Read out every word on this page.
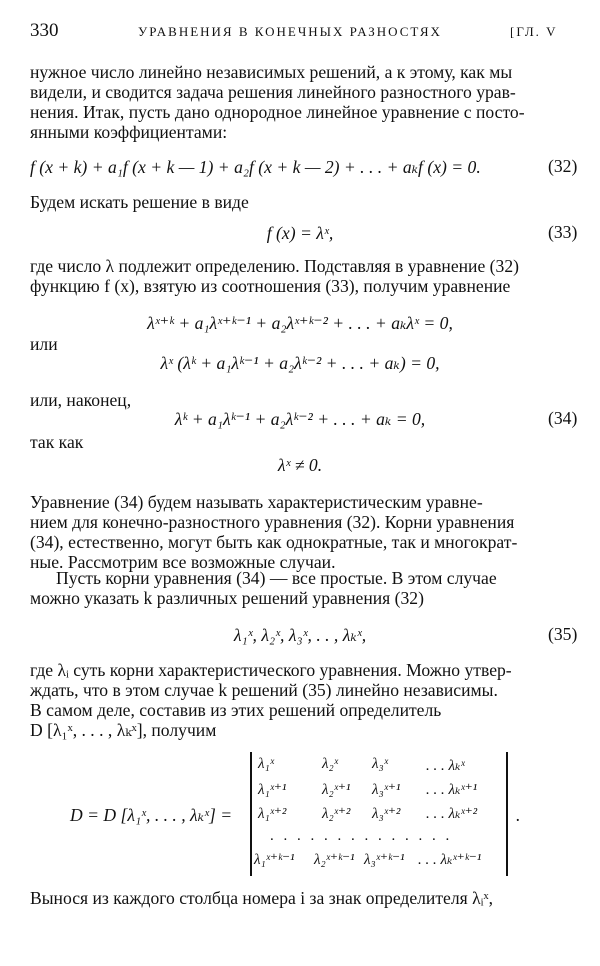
330	УРАВНЕНИЯ В КОНЕЧНЫХ РАЗНОСТЯХ	[ГЛ. V
нужное число линейно независимых решений, а к этому, как мы
видели, и сводится задача решения линейного разностного урав-
нения. Итак, пусть дано однородное линейное уравнение с посто-
янными коэффициентами:
f (x + k) + a₁f (x + k — 1) + a₂f (x + k — 2) + . . . + aₖf (x) = 0.	(32)
Будем искать решение в виде
f (x) = λˣ,	(33)
где число λ подлежит определению. Подставляя в уравнение (32)
функцию f (x), взятую из соотношения (33), получим уравнение
λˣ⁺ᵏ + a₁λˣ⁺ᵏ⁻¹ + a₂λˣ⁺ᵏ⁻² + . . . + aₖλˣ = 0,
или
λˣ (λᵏ + a₁λᵏ⁻¹ + a₂λᵏ⁻² + . . . + aₖ) = 0,
или, наконец,
λᵏ + a₁λᵏ⁻¹ + a₂λᵏ⁻² + . . . + aₖ = 0,	(34)
так как
λˣ ≠ 0.
Уравнение (34) будем называть характеристическим уравне-
нием для конечно-разностного уравнения (32). Корни уравнения
(34), естественно, могут быть как однократные, так и многократ-
ные. Рассмотрим все возможные случаи.
Пусть корни уравнения (34) — все простые. В этом случае
можно указать k различных решений уравнения (32)
λ₁ˣ, λ₂ˣ, λ₃ˣ, . . , λₖˣ,	(35)
где λᵢ суть корни характеристического уравнения. Можно утвер-
ждать, что в этом случае k решений (35) линейно независимы.
В самом деле, составив из этих решений определитель
D [λ₁ˣ, . . . , λₖˣ], получим
D = D [λ₁ˣ, . . . , λₖˣ] =
λ₁ˣ	λ₂ˣ λ₃ˣ	. . . λₖˣ
λ₁ˣ⁺¹ λ₂ˣ⁺¹ λ₃ˣ⁺¹ . . . λₖˣ⁺¹
λ₁ˣ⁺² λ₂ˣ⁺² λ₃ˣ⁺² . . . λₖˣ⁺²
. . . . . . . . . . . . . .
λ₁ˣ⁺ᵏ⁻¹ λ₂ˣ⁺ᵏ⁻¹ λ₃ˣ⁺ᵏ⁻¹ . . . λₖˣ⁺ᵏ⁻¹
.
Вынося из каждого столбца номера i за знак определителя λᵢˣ,
